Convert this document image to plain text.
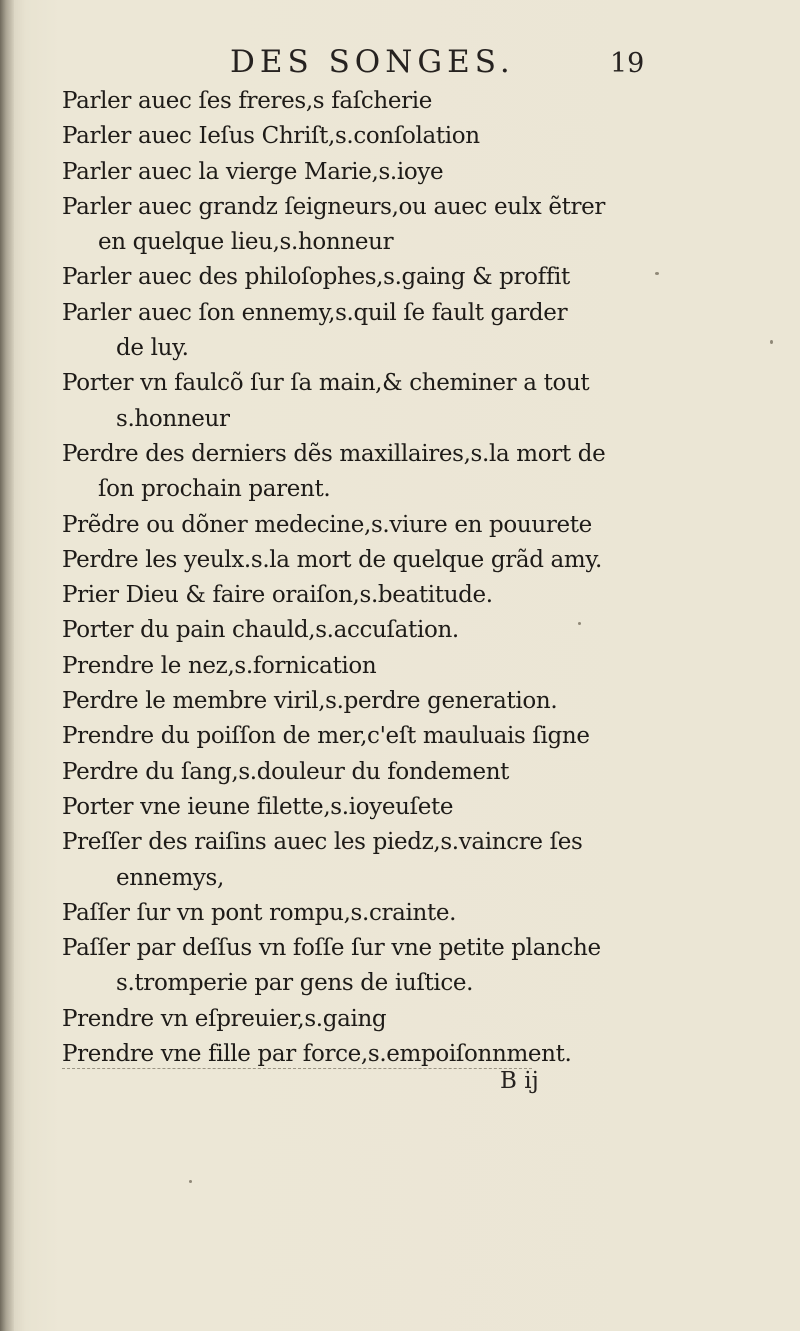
DES SONGES.	19
Parler auec ſes freres,s faſcherie
Parler auec Ieſus Chriſt,s.conſolation
Parler auec la vierge Marie,s.ioye
Parler auec grandz ſeigneurs,ou auec eulx ẽtrer
en quelque lieu,s.honneur
Parler auec des philoſophes,s.gaing & proffit
Parler auec ſon ennemy,s.quil ſe fault garder
de luy.
Porter vn faulcõ ſur ſa main,& cheminer a tout
s.honneur
Perdre des derniers dẽs maxillaires,s.la mort de
ſon prochain parent.
Prẽdre ou dõner medecine,s.viure en pouurete
Perdre les yeulx.s.la mort de quelque grãd amy.
Prier Dieu & faire oraiſon,s.beatitude.
Porter du pain chauld,s.accuſation.
Prendre le nez,s.fornication
Perdre le membre viril,s.perdre generation.
Prendre du poiſſon de mer,c'eſt mauluais ſigne
Perdre du ſang,s.douleur du fondement
Porter vne ieune filette,s.ioyeuſete
Preſſer des raiſins auec les piedz,s.vaincre ſes
ennemys,
Paſſer ſur vn pont rompu,s.crainte.
Paſſer par deſſus vn foſſe ſur vne petite planche
s.tromperie par gens de iuſtice.
Prendre vn eſpreuier,s.gaing
Prendre vne fille par force,s.empoiſonnment.
B ij
